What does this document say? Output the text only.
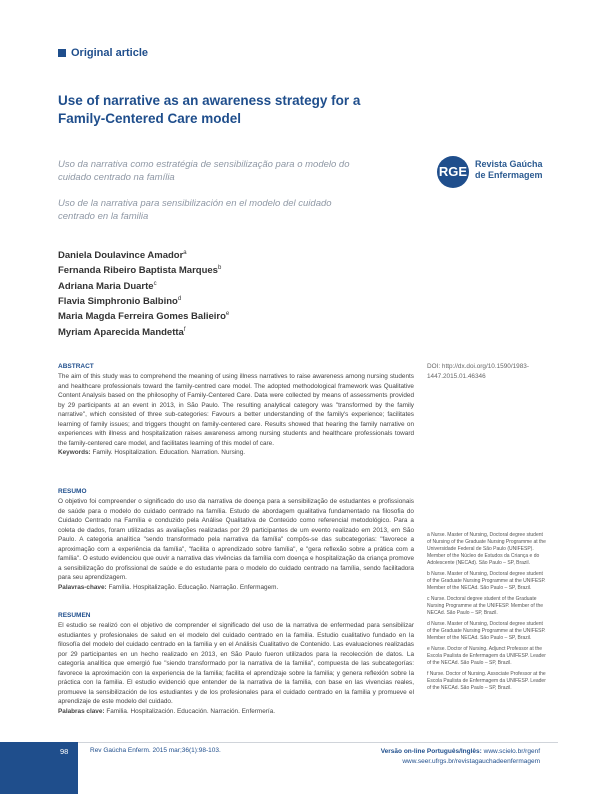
Original article
Use of narrative as an awareness strategy for a Family-Centered Care model
Uso da narrativa como estratégia de sensibilização para o modelo do cuidado centrado na família
Uso de la narrativa para sensibilización en el modelo del cuidado centrado en la familia
RGE Revista Gaúcha
de Enfermagem
Daniela Doulavince Amador$^a$
Fernanda Ribeiro Baptista Marques$^b$
Adriana Maria Duarte$^c$
Flavia Simphronio Balbino$^d$
Maria Magda Ferreira Gomes Balieiro$^e$
Myriam Aparecida Mandetta$^f$
ABSTRACT
The aim of this study was to comprehend the meaning of using illness narratives to raise awareness among nursing students and healthcare professionals toward the family-centred care model. The adopted methodological framework was Qualitative Content Analysis based on the philosophy of Family-Centered Care. Data were collected by means of assessments provided by 29 participants at an event in 2013, in São Paulo. The resulting analytical category was "transformed by the family narrative", which consisted of three sub-categories: Favours a better understanding of the family's experience; facilitates learning of family issues; and triggers thought on family-centered care. Results showed that hearing the family narrative on experiences with illness and hospitalization raises awareness among nursing students and healthcare professionals toward the family-centered care model, and facilitates learning of this model of care.
Keywords: Family. Hospitalization. Education. Narration. Nursing.
RESUMO
O objetivo foi compreender o significado do uso da narrativa de doença para a sensibilização de estudantes e profissionais de saúde para o modelo do cuidado centrado na família. Estudo de abordagem qualitativa fundamentado na filosofia do Cuidado Centrado na Família e conduzido pela Análise Qualitativa de Conteúdo como referencial metodológico. Para a coleta de dados, foram utilizadas as avaliações realizadas por 29 participantes de um evento realizado em 2013, em São Paulo. A categoria analítica "sendo transformado pela narrativa da família" compôs-se das subcategorias: "favorece a aproximação com a experiência da família", "facilita o aprendizado sobre família", e "gera reflexão sobre a prática com a família". O estudo evidenciou que ouvir a narrativa das vivências da família com doença e hospitalização da criança promove a sensibilização do profissional de saúde e do estudante para o modelo do cuidado centrado na família, sendo facilitadora para seu aprendizagem.
Palavras-chave: Família. Hospitalização. Educação. Narração. Enfermagem.
RESUMEN
El estudio se realizó con el objetivo de comprender el significado del uso de la narrativa de enfermedad para sensibilizar estudiantes y profesionales de salud en el modelo del cuidado centrado en la familia. Estudio cualitativo fundado en la filosofía del modelo del cuidado centrado en la familia y en el Análisis Cualitativo de Contenido. Las evaluaciones realizadas por 29 participantes en un hecho realizado en 2013, en São Paulo fueron utilizados para la recolección de datos. La categoría analítica que emergió fue "siendo transformado por la narrativa de la familia", compuesta de las subcategorías: favorece la aproximación con la experiencia de la familia; facilita el aprendizaje sobre la familia; y genera reflexión sobre la práctica con la familia. El estudio evidenció que entender de la narrativa de la familia, con base en las vivencias reales, promueve la sensibilización de los estudiantes y de los profesionales para el cuidado centrado en la familia y promueve el aprendizaje de este modelo del cuidado.
Palabras clave: Familia. Hospitalización. Educación. Narración. Enfermería.
DOI: http://dx.doi.org/10.1590/1983-1447.2015.01.46346
a Nurse. Master of Nursing, Doctoral degree student of Nursing of the Graduate Nursing Programme at the Universidade Federal de São Paulo (UNIFESP). Member of the Núcleo de Estudos da Criança e do Adolescente (NECAd). São Paulo – SP, Brazil.
b Nurse. Master of Nursing, Doctoral degree student of the Graduate Nursing Programme at the UNIFESP. Member of the NECAd. São Paulo – SP, Brazil.
c Nurse. Doctoral degree student of the Graduate Nursing Programme at the UNIFESP. Member of the NECAd. São Paulo – SP, Brazil.
d Nurse. Master of Nursing, Doctoral degree student of the Graduate Nursing Programme at the UNIFESP. Member of the NECAd. São Paulo – SP, Brazil.
e Nurse. Doctor of Nursing. Adjunct Professor at the Escola Paulista de Enfermagem da UNIFESP. Leader of the NECAd. São Paulo – SP, Brazil.
f Nurse. Doctor of Nursing. Associate Professor at the Escola Paulista de Enfermagem da UNIFESP. Leader of the NECAd. São Paulo – SP, Brazil.
98	Rev Gaúcha Enferm. 2015 mar;36(1):98-103.	Versão on-line Português/Inglês: www.scielo.br/rgenf
www.seer.ufrgs.br/revistagauchadeenfermagem
